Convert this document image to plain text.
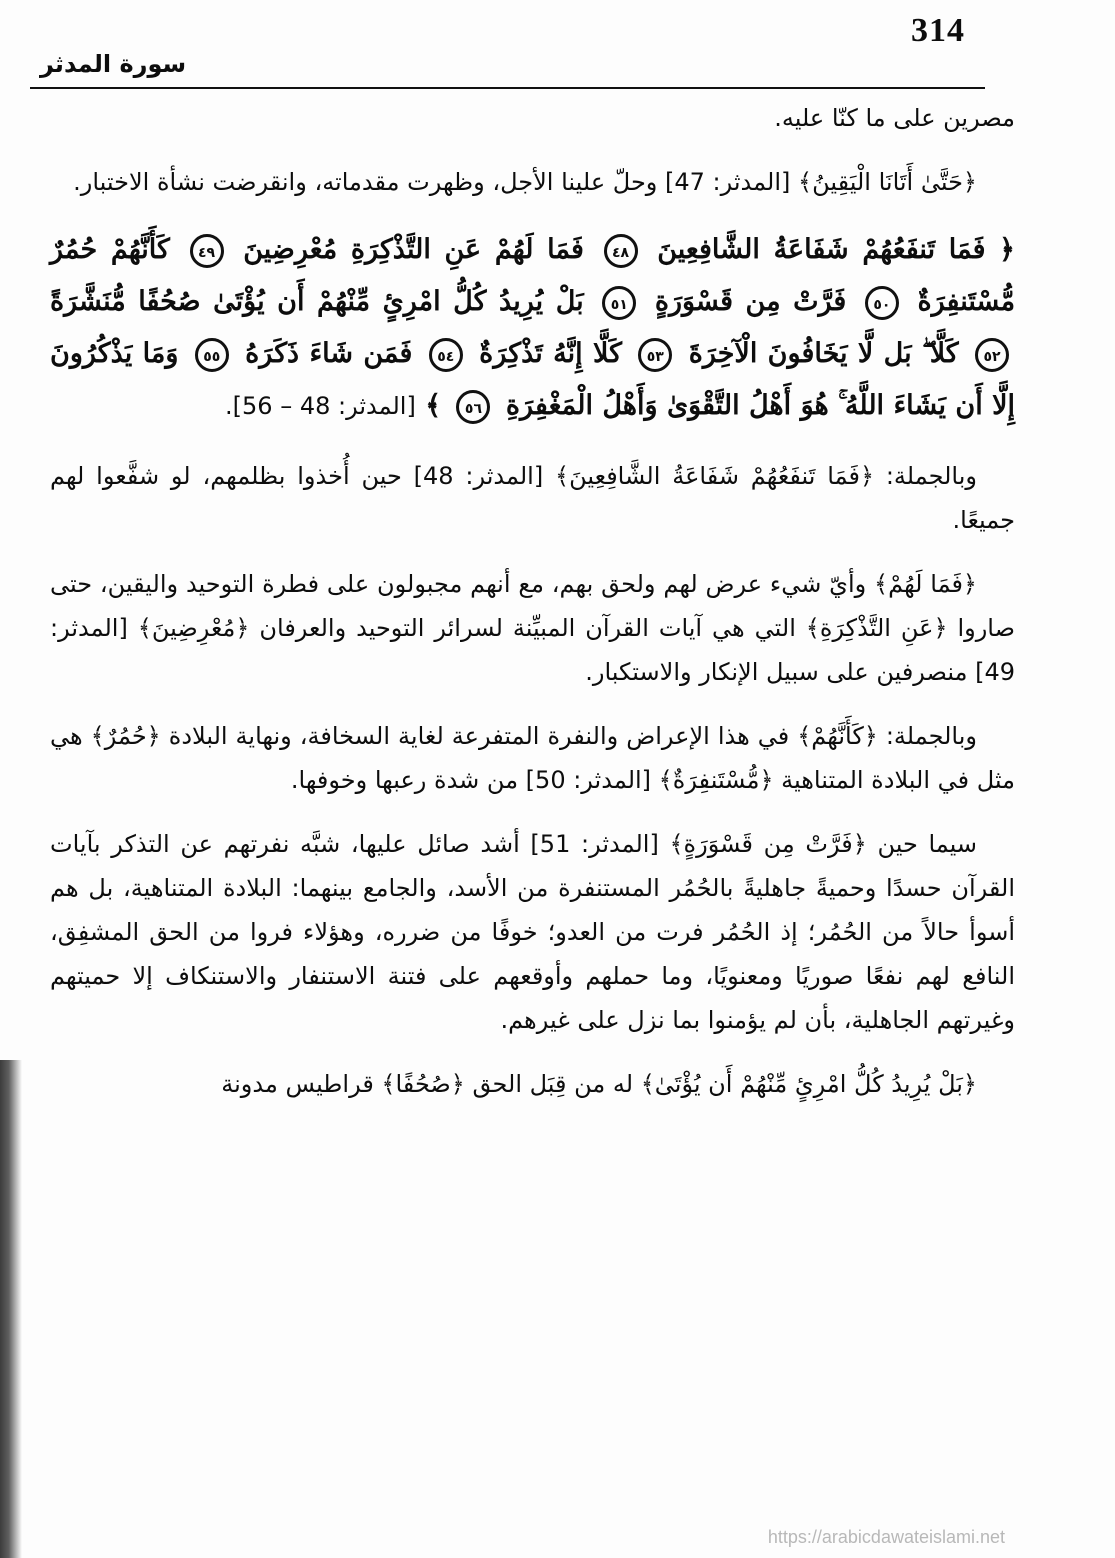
314
سورة المدثر

مصرين على ما كنّا عليه.

﴿حَتَّىٰ أَتَانَا الْيَقِينُ﴾ [المدثر: 47] وحلّ علينا الأجل، وظهرت مقدماته، وانقرضت نشأة الاختبار.

﴿ فَمَا تَنفَعُهُمْ شَفَاعَةُ الشَّافِعِينَ ٤٨ فَمَا لَهُمْ عَنِ التَّذْكِرَةِ مُعْرِضِينَ ٤٩ كَأَنَّهُمْ حُمُرٌ مُّسْتَنفِرَةٌ ٥٠ فَرَّتْ مِن قَسْوَرَةٍ ٥١ بَلْ يُرِيدُ كُلُّ امْرِئٍ مِّنْهُمْ أَن يُؤْتَىٰ صُحُفًا مُّنَشَّرَةً ٥٢ كَلَّا ۖ بَل لَّا يَخَافُونَ الْآخِرَةَ ٥٣ كَلَّا إِنَّهُ تَذْكِرَةٌ ٥٤ فَمَن شَاءَ ذَكَرَهُ ٥٥ وَمَا يَذْكُرُونَ إِلَّا أَن يَشَاءَ اللَّهُ ۚ هُوَ أَهْلُ التَّقْوَىٰ وَأَهْلُ الْمَغْفِرَةِ ٥٦ ﴾ [المدثر: 48 – 56].

وبالجملة: ﴿فَمَا تَنفَعُهُمْ شَفَاعَةُ الشَّافِعِينَ﴾ [المدثر: 48] حين أُخذوا بظلمهم، لو شفَّعوا لهم جميعًا.

﴿فَمَا لَهُمْ﴾ وأيّ شيء عرض لهم ولحق بهم، مع أنهم مجبولون على فطرة التوحيد واليقين، حتى صاروا ﴿عَنِ التَّذْكِرَةِ﴾ التي هي آيات القرآن المبيِّنة لسرائر التوحيد والعرفان ﴿مُعْرِضِينَ﴾ [المدثر: 49] منصرفين على سبيل الإنكار والاستكبار.

وبالجملة: ﴿كَأَنَّهُمْ﴾ في هذا الإعراض والنفرة المتفرعة لغاية السخافة، ونهاية البلادة ﴿حُمُرٌ﴾ هي مثل في البلادة المتناهية ﴿مُّسْتَنفِرَةٌ﴾ [المدثر: 50] من شدة رعبها وخوفها.

سيما حين ﴿فَرَّتْ مِن قَسْوَرَةٍ﴾ [المدثر: 51] أشد صائل عليها، شبَّه نفرتهم عن التذكر بآيات القرآن حسدًا وحميةً جاهليةً بالحُمُر المستنفرة من الأسد، والجامع بينهما: البلادة المتناهية، بل هم أسوأ حالاً من الحُمُر؛ إذ الحُمُر فرت من العدو؛ خوفًا من ضرره، وهؤلاء فروا من الحق المشفِق، النافع لهم نفعًا صوريًا ومعنويًا، وما حملهم وأوقعهم على فتنة الاستنفار والاستنكاف إلا حميتهم وغيرتهم الجاهلية، بأن لم يؤمنوا بما نزل على غيرهم.

﴿بَلْ يُرِيدُ كُلُّ امْرِئٍ مِّنْهُمْ أَن يُؤْتَىٰ﴾ له من قِبَل الحق ﴿صُحُفًا﴾ قراطيس مدونة

https://arabicdawateislami.net
